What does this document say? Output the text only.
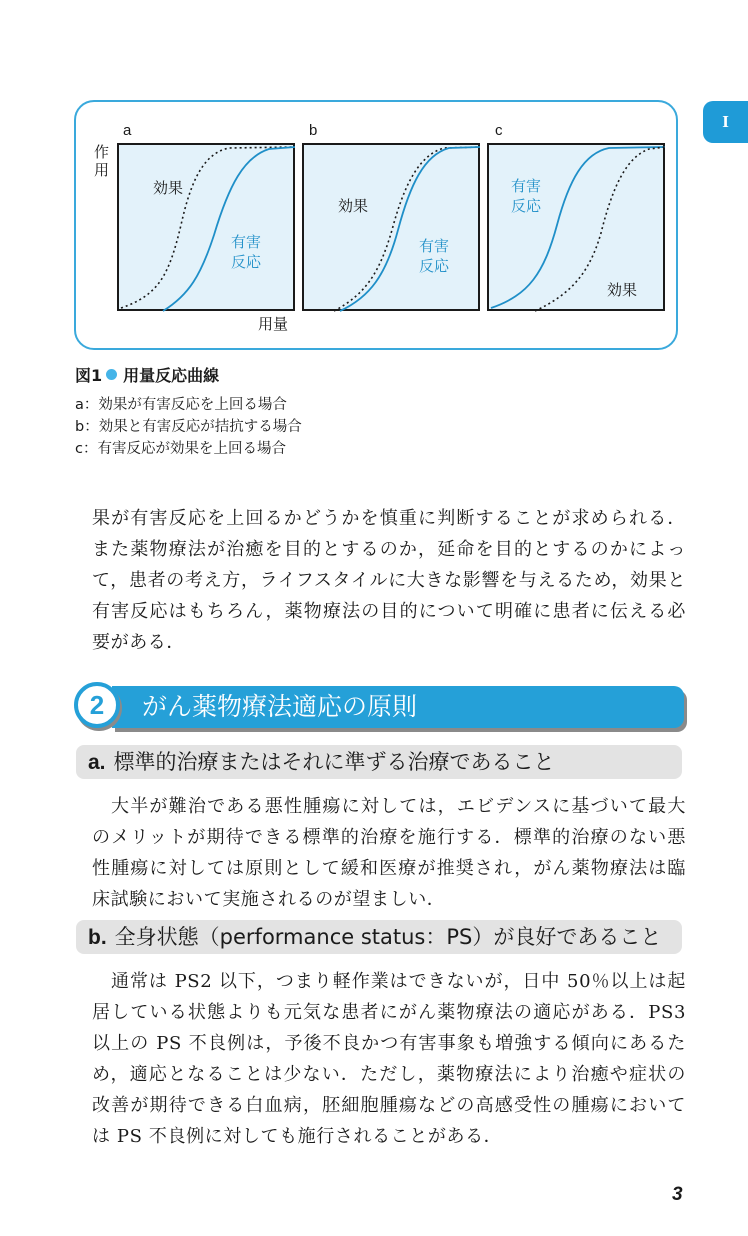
I
作用
用量
a
効果
有害
反応
b
効果
有害
反応
c
有害
反応
効果
図1 用量反応曲線
a：効果が有害反応を上回る場合
b：効果と有害反応が拮抗する場合
c：有害反応が効果を上回る場合
果が有害反応を上回るかどうかを慎重に判断することが求められる．また薬物療法が治癒を目的とするのか，延命を目的とするのかによって，患者の考え方，ライフスタイルに大きな影響を与えるため，効果と有害反応はもちろん，薬物療法の目的について明確に患者に伝える必要がある．
2	がん薬物療法適応の原則
a. 標準的治療またはそれに準ずる治療であること
大半が難治である悪性腫瘍に対しては，エビデンスに基づいて最大のメリットが期待できる標準的治療を施行する．標準的治療のない悪性腫瘍に対しては原則として緩和医療が推奨され，がん薬物療法は臨床試験において実施されるのが望ましい．
b. 全身状態（performance status：PS）が良好であること
通常は PS2 以下，つまり軽作業はできないが，日中 50％以上は起居している状態よりも元気な患者にがん薬物療法の適応がある．PS3 以上の PS 不良例は，予後不良かつ有害事象も増強する傾向にあるため，適応となることは少ない．ただし，薬物療法により治癒や症状の改善が期待できる白血病，胚細胞腫瘍などの高感受性の腫瘍においては PS 不良例に対しても施行されることがある．
3
